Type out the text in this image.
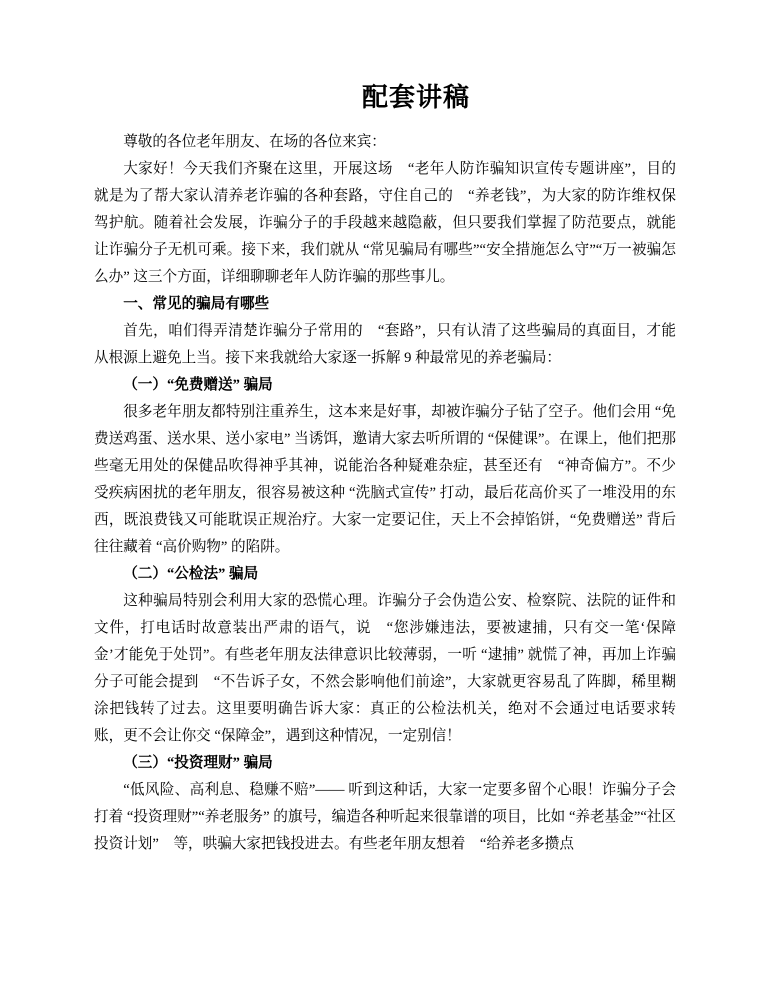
配套讲稿

尊敬的各位老年朋友、在场的各位来宾：

大家好！今天我们齐聚在这里，开展这场　“老年人防诈骗知识宣传专题讲座”，目的就是为了帮大家认清养老诈骗的各种套路，守住自己的　“养老钱”，为大家的防诈维权保驾护航。随着社会发展，诈骗分子的手段越来越隐蔽，但只要我们掌握了防范要点，就能让诈骗分子无机可乘。接下来，我们就从 “常见骗局有哪些”“安全措施怎么守”“万一被骗怎么办” 这三个方面，详细聊聊老年人防诈骗的那些事儿。

一、常见的骗局有哪些

首先，咱们得弄清楚诈骗分子常用的　“套路”，只有认清了这些骗局的真面目，才能从根源上避免上当。接下来我就给大家逐一拆解 9 种最常见的养老骗局：

（一）“免费赠送” 骗局

很多老年朋友都特别注重养生，这本来是好事，却被诈骗分子钻了空子。他们会用 “免费送鸡蛋、送水果、送小家电” 当诱饵，邀请大家去听所谓的 “保健课”。在课上，他们把那些毫无用处的保健品吹得神乎其神，说能治各种疑难杂症，甚至还有　“神奇偏方”。不少受疾病困扰的老年朋友，很容易被这种 “洗脑式宣传” 打动，最后花高价买了一堆没用的东西，既浪费钱又可能耽误正规治疗。大家一定要记住，天上不会掉馅饼，“免费赠送” 背后往往藏着 “高价购物” 的陷阱。

（二）“公检法” 骗局

这种骗局特别会利用大家的恐慌心理。诈骗分子会伪造公安、检察院、法院的证件和文件，打电话时故意装出严肃的语气，说　“您涉嫌违法，要被逮捕，只有交一笔‘保障金’才能免于处罚”。有些老年朋友法律意识比较薄弱，一听 “逮捕” 就慌了神，再加上诈骗分子可能会提到　“不告诉子女，不然会影响他们前途”，大家就更容易乱了阵脚，稀里糊涂把钱转了过去。这里要明确告诉大家：真正的公检法机关，绝对不会通过电话要求转账，更不会让你交 “保障金”，遇到这种情况，一定别信！

（三）“投资理财” 骗局

“低风险、高利息、稳赚不赔”—— 听到这种话，大家一定要多留个心眼！诈骗分子会打着 “投资理财”“养老服务” 的旗号，编造各种听起来很靠谱的项目，比如 “养老基金”“社区投资计划”　等，哄骗大家把钱投进去。有些老年朋友想着　“给养老多攒点
